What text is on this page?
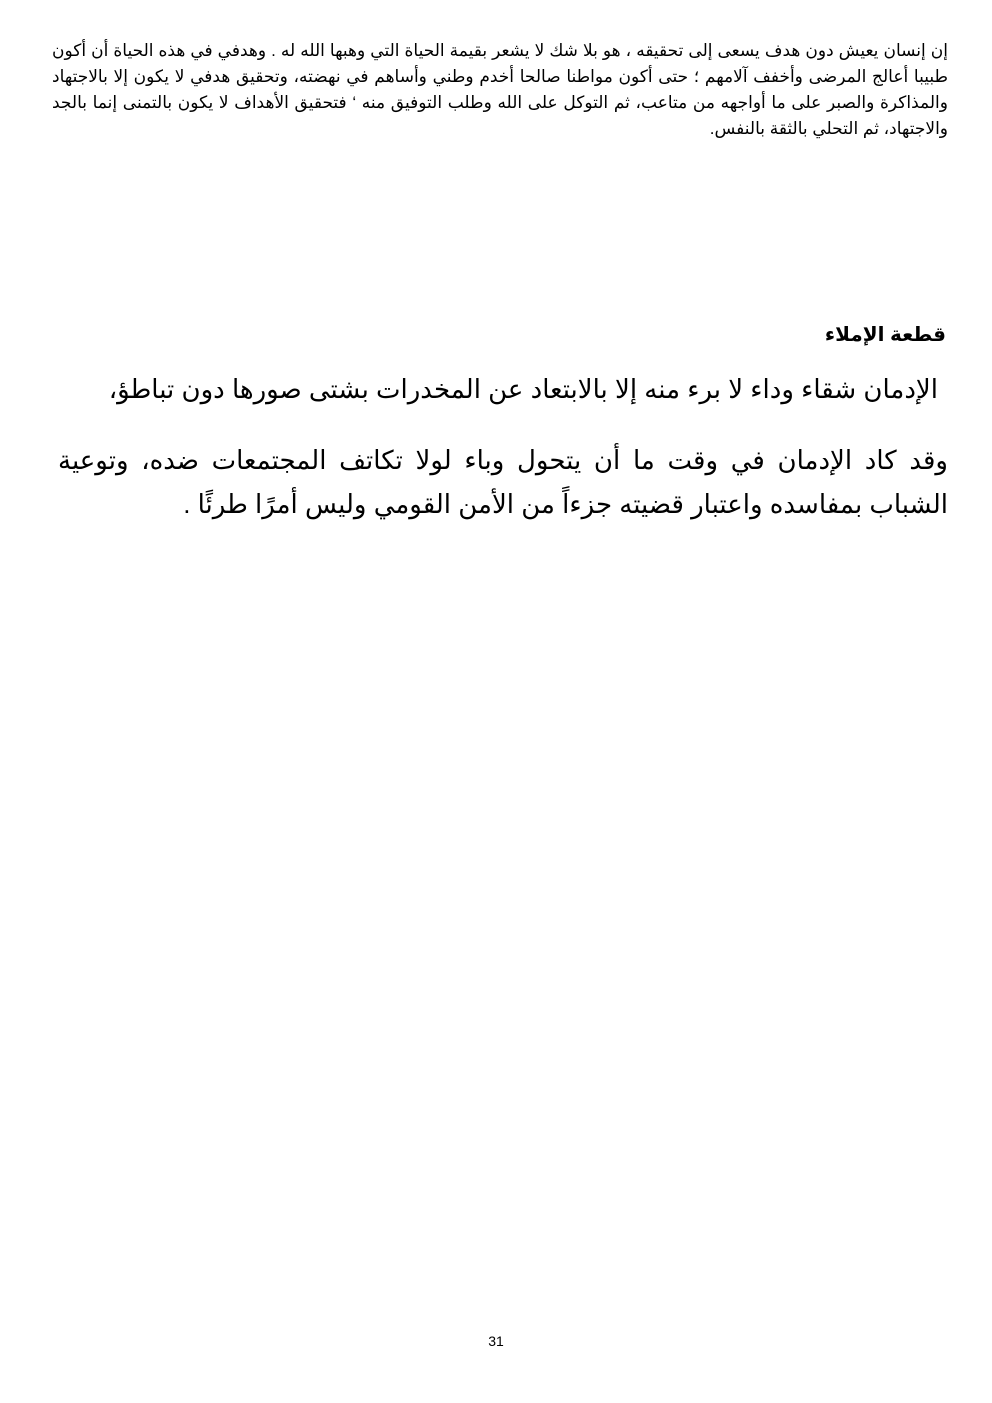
إن إنسان يعيش دون هدف يسعى إلى تحقيقه ، هو بلا شك لا يشعر بقيمة الحياة التي وهبها الله له . وهدفي في هذه الحياة أن أكون طبيبا أعالج المرضى وأخفف آلامهم ؛ حتى أكون مواطنا صالحا أخدم وطني وأساهم في نهضته، وتحقيق هدفي لا يكون إلا بالاجتهاد والمذاكرة والصبر على ما أواجهه من متاعب، ثم التوكل على الله وطلب التوفيق منه ‘ فتحقيق الأهداف لا يكون بالتمنى إنما بالجد والاجتهاد، ثم التحلي بالثقة بالنفس.

قطعة الإملاء
الإدمان شقاء وداء لا برء منه إلا بالابتعاد عن المخدرات بشتى صورها دون تباطؤ،
وقد كاد الإدمان في وقت ما أن يتحول وباء لولا تكاتف المجتمعات ضده، وتوعية
الشباب بمفاسده واعتبار قضيته جزءاً من الأمن القومي وليس أمرًا طرئًا .
31
